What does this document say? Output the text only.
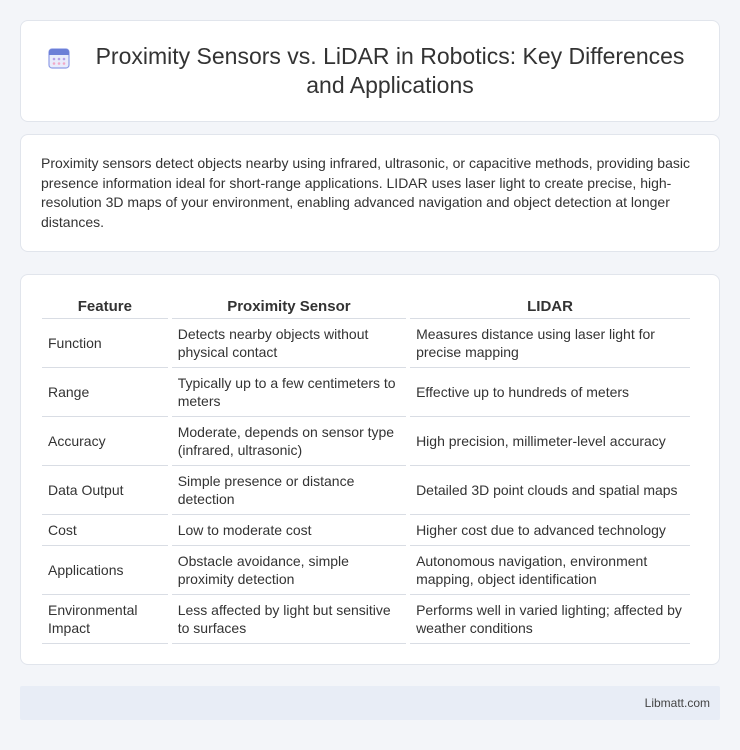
Proximity Sensors vs. LiDAR in Robotics: Key Differences and Applications

Proximity sensors detect objects nearby using infrared, ultrasonic, or capacitive methods, providing basic presence information ideal for short-range applications. LIDAR uses laser light to create precise, high-resolution 3D maps of your environment, enabling advanced navigation and object detection at longer distances.

Feature	Proximity Sensor	LIDAR
Function	Detects nearby objects without physical contact	Measures distance using laser light for precise mapping
Range	Typically up to a few centimeters to meters	Effective up to hundreds of meters
Accuracy	Moderate, depends on sensor type (infrared, ultrasonic)	High precision, millimeter-level accuracy
Data Output	Simple presence or distance detection	Detailed 3D point clouds and spatial maps
Cost	Low to moderate cost	Higher cost due to advanced technology
Applications	Obstacle avoidance, simple proximity detection	Autonomous navigation, environment mapping, object identification
Environmental Impact	Less affected by light but sensitive to surfaces	Performs well in varied lighting; affected by weather conditions
Libmatt.com
